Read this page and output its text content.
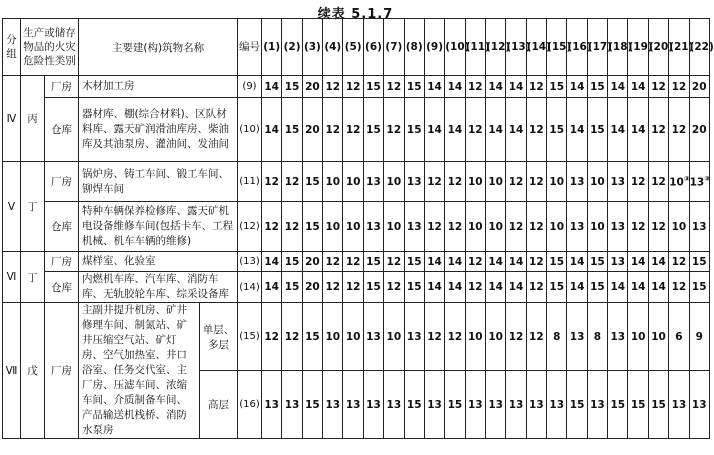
续表 5.1.7
分组	生产或储存物品的火灾危险性类别		主要建(构)筑物名称		编号	(1)	(2)	(3)	(4)	(5)	(6)	(7)	(8)	(9)	(10)	(11)	(12)	(13)	(14)	(15)	(16)	(17)	(18)	(19)	(20)	(21)	(22)
Ⅳ	丙	厂房	木材加工房		(9)	14	15	20	12	12	15	12	15	14	14	12	14	14	12	15	14	15	14	14	12	12	20
		仓库	器材库、棚(综合材料)、区队材料库、露天矿润滑油库房、柴油库及其油泵房、灌油间、发油间		(10)	14	15	20	12	12	15	12	15	14	14	12	14	14	12	15	14	15	14	14	12	12	20
Ⅴ	丁	厂房	锅炉房、铸工车间、锻工车间、铆焊车间		(11)	12	12	15	10	10	13	10	13	12	12	10	10	12	12	10	13	10	13	12	12	10③	13③
		仓库	特种车辆保养检修库、露天矿机电设备维修车间(包括卡车、工程机械、机车车辆的维修)		(12)	12	12	15	10	10	13	10	13	12	12	10	10	12	12	10	13	10	13	12	12	10	13
Ⅵ	丁	厂房	煤样室、化验室		(13)	14	15	20	12	12	15	12	15	14	14	12	14	14	12	15	14	15	13	14	14	12	15
		仓库	内燃机车库、汽车库、消防车库、无轨胶轮车库、综采设备库		(14)	14	15	20	12	12	15	12	15	14	14	12	14	14	12	15	14	15	14	14	14	12	15
Ⅶ	戊	厂房	主副井提升机房、矿井修理车间、制氮站、矿井压缩空气站、矿灯房、空气加热室、井口浴室、任务交代室、主厂房、压滤车间、浓缩车间、介质制备车间、产品输送机栈桥、消防水泵房	单层、多层	(15)	12	12	15	10	10	13	10	13	12	12	10	10	12	12	8	13	8	13	10	10	6	9
				高层	(16)	13	13	15	13	13	13	13	15	13	15	13	13	13	13	13	15	13	15	15	15	13	13
